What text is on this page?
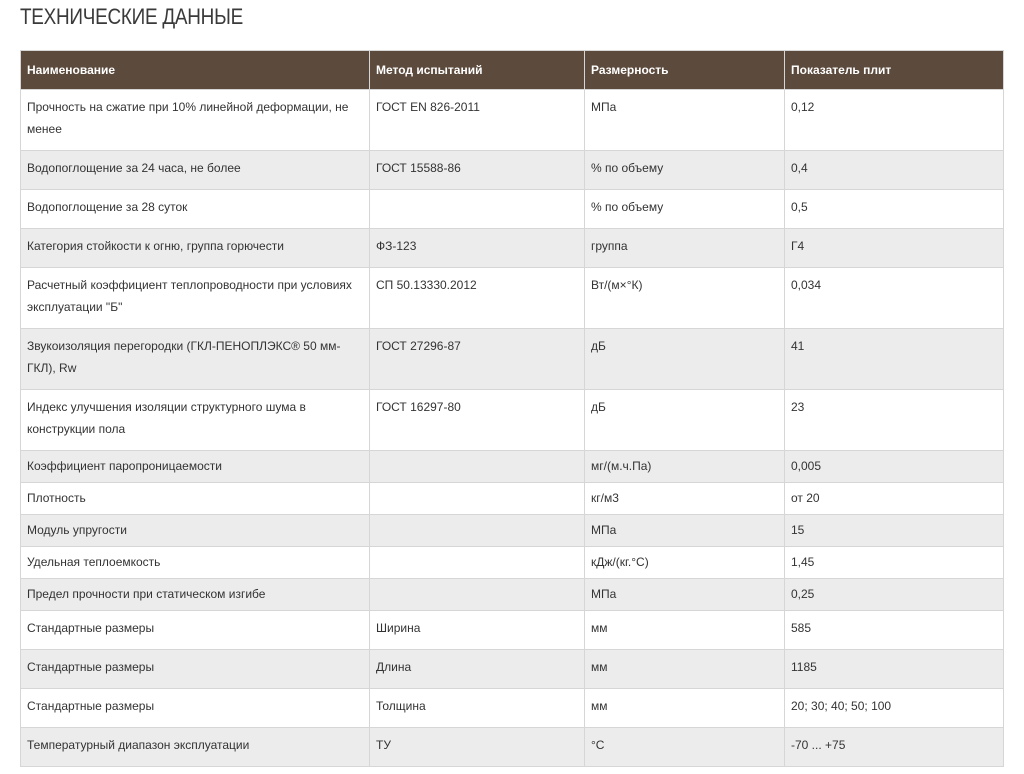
ТЕХНИЧЕСКИЕ ДАННЫЕ
Наименование	Метод испытаний	Размерность	Показатель плит

Прочность на сжатие при 10% линейной деформации, не менее	ГОСТ EN 826-2011	МПа	0,12

Водопоглощение за 24 часа, не более	ГОСТ 15588-86	% по объему	0,4

Водопоглощение за 28 суток		% по объему	0,5

Категория стойкости к огню, группа горючести	ФЗ-123	группа	Г4

Расчетный коэффициент теплопроводности при условиях эксплуатации "Б"	СП 50.13330.2012	Вт/(м×°К)	0,034

Звукоизоляция перегородки (ГКЛ-ПЕНОПЛЭКС® 50 мм-ГКЛ), Rw	ГОСТ 27296-87	дБ	41

Индекс улучшения изоляции структурного шума в конструкции пола	ГОСТ 16297-80	дБ	23

Коэффициент паропроницаемости		мг/(м.ч.Па)	0,005

Плотность		кг/м3	от 20

Модуль упругости		МПа	15

Удельная теплоемкость		кДж/(кг.°С)	1,45

Предел прочности при статическом изгибе		МПа	0,25

Стандартные размеры	Ширина	мм	585

Стандартные размеры	Длина	мм	1185

Стандартные размеры	Толщина	мм	20; 30; 40; 50; 100

Температурный диапазон эксплуатации	ТУ	°С	-70 ... +75
